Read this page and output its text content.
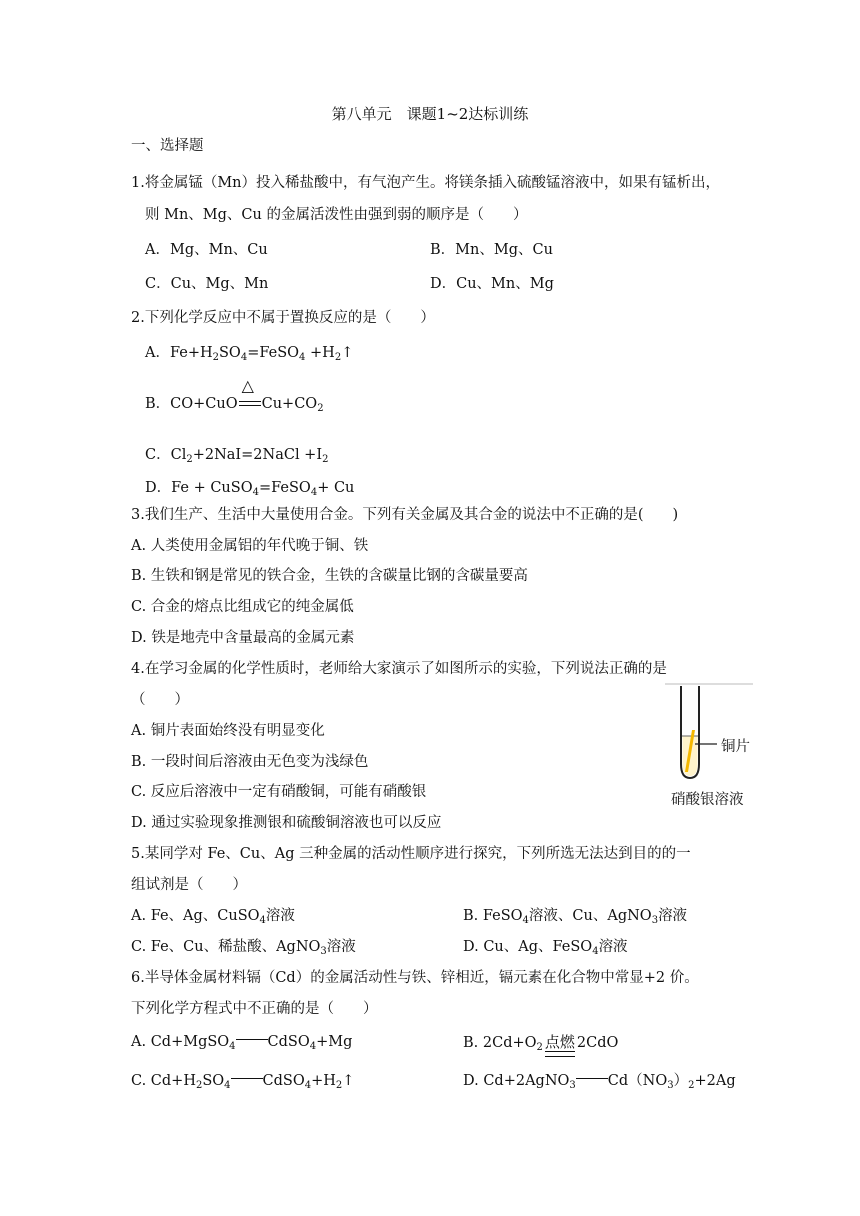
第八单元　课题1~2达标训练
一、选择题
1.将金属锰（Mn）投入稀盐酸中，有气泡产生。将镁条插入硫酸锰溶液中，如果有锰析出，
则 Mn、Mg、Cu 的金属活泼性由强到弱的顺序是（　　）
A．Mg、Mn、Cu	B．Mn、Mg、Cu
C．Cu、Mg、Mn	D．Cu、Mn、Mg
2.下列化学反应中不属于置换反应的是（　　）
A．$Fe+H_2SO_4=FeSO_4$ $+H_2↑$
B．CO+CuO
△
$Cu+CO_2$
C．$Cl_2+2NaI=2NaCl +I_2$
D．Fe + CuSO$_4$=FeSO$_4$+ Cu
3.我们生产、生活中大量使用合金。下列有关金属及其合金的说法中不正确的是(　　)
A. 人类使用金属铝的年代晚于铜、铁
B. 生铁和钢是常见的铁合金，生铁的含碳量比钢的含碳量要高
C. 合金的熔点比组成它的纯金属低
D. 铁是地壳中含量最高的金属元素
4.在学习金属的化学性质时，老师给大家演示了如图所示的实验，下列说法正确的是
（　　）
A. 铜片表面始终没有明显变化
B. 一段时间后溶液由无色变为浅绿色
C. 反应后溶液中一定有硝酸铜，可能有硝酸银
D. 通过实验现象推测银和硫酸铜溶液也可以反应
铜片
硝酸银溶液
5.某同学对 Fe、Cu、Ag 三种金属的活动性顺序进行探究，下列所选无法达到目的的一
组试剂是（　　）
A. Fe、Ag、CuSO$_4$溶液	B. FeSO$_4$溶液、Cu、AgNO$_3$溶液
C. Fe、Cu、稀盐酸、AgNO$_3$溶液	D. Cu、Ag、FeSO$_4$溶液
6.半导体金属材料镉（Cd）的金属活动性与铁、锌相近，镉元素在化合物中常显+2 价。
下列化学方程式中不正确的是（　　）
A. Cd+MgSO$_4$ CdSO$_4$+Mg	B. $2Cd+O_2$ 点燃 2CdO
C. $Cd+H_2SO_4$ $CdSO_4+H_2↑$	D. Cd+2AgNO$_3$ $Cd(NO_3)_2+2Ag$
